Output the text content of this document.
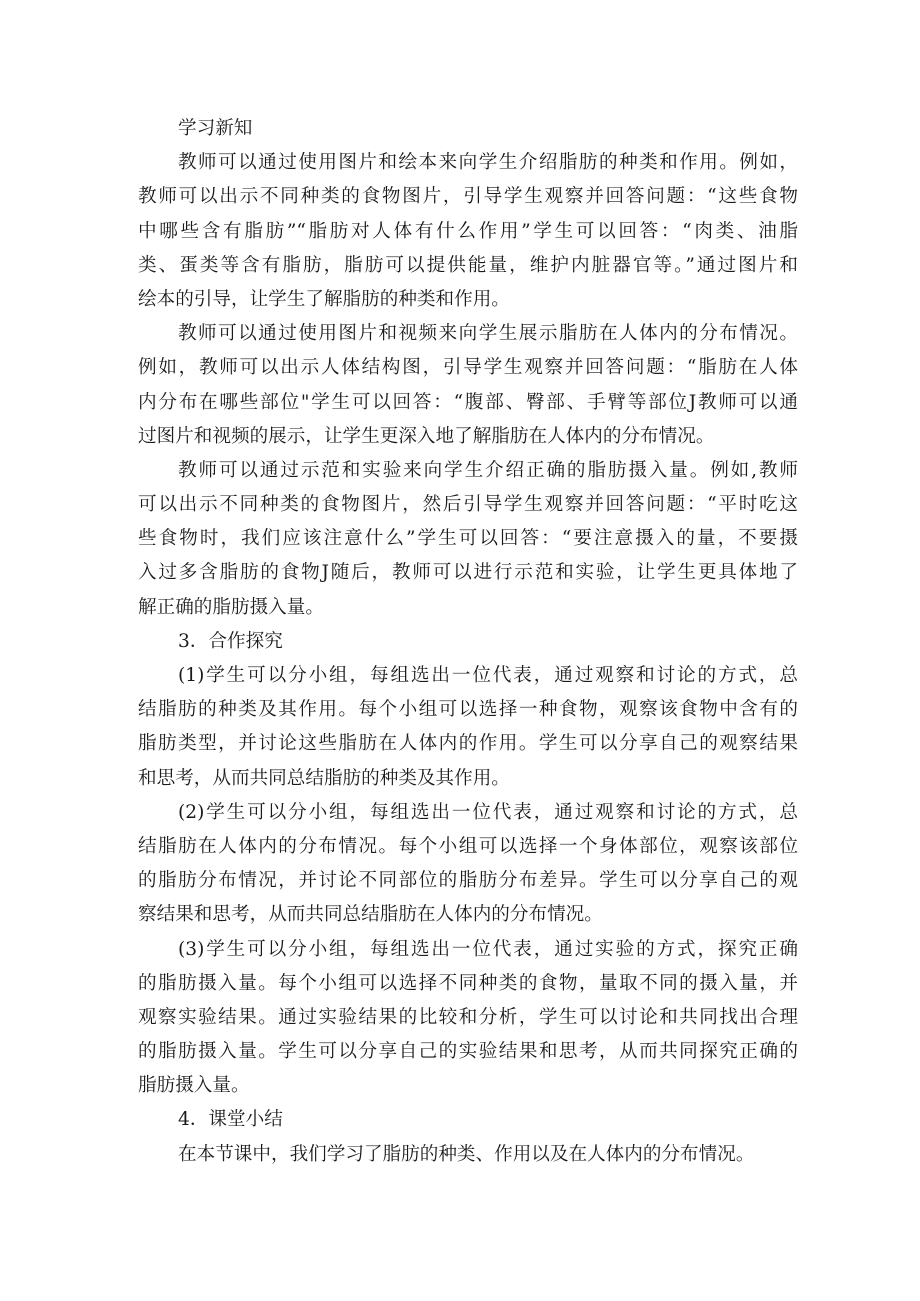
学习新知
教师可以通过使用图片和绘本来向学生介绍脂肪的种类和作用。例如，
教师可以出示不同种类的食物图片，引导学生观察并回答问题：“这些食物
中哪些含有脂肪”“脂肪对人体有什么作用”学生可以回答：“肉类、油脂
类、蛋类等含有脂肪，脂肪可以提供能量，维护内脏器官等。”通过图片和
绘本的引导，让学生了解脂肪的种类和作用。
教师可以通过使用图片和视频来向学生展示脂肪在人体内的分布情况。
例如，教师可以出示人体结构图，引导学生观察并回答问题：“脂肪在人体
内分布在哪些部位"学生可以回答：“腹部、臀部、手臂等部位J教师可以通
过图片和视频的展示，让学生更深入地了解脂肪在人体内的分布情况。
教师可以通过示范和实验来向学生介绍正确的脂肪摄入量。例如,教师
可以出示不同种类的食物图片，然后引导学生观察并回答问题：“平时吃这
些食物时，我们应该注意什么”学生可以回答：“要注意摄入的量，不要摄
入过多含脂肪的食物J随后，教师可以进行示范和实验，让学生更具体地了
解正确的脂肪摄入量。
3．合作探究
(1)学生可以分小组，每组选出一位代表，通过观察和讨论的方式，总
结脂肪的种类及其作用。每个小组可以选择一种食物，观察该食物中含有的
脂肪类型，并讨论这些脂肪在人体内的作用。学生可以分享自己的观察结果
和思考，从而共同总结脂肪的种类及其作用。
(2)学生可以分小组，每组选出一位代表，通过观察和讨论的方式，总
结脂肪在人体内的分布情况。每个小组可以选择一个身体部位，观察该部位
的脂肪分布情况，并讨论不同部位的脂肪分布差异。学生可以分享自己的观
察结果和思考，从而共同总结脂肪在人体内的分布情况。
(3)学生可以分小组，每组选出一位代表，通过实验的方式，探究正确
的脂肪摄入量。每个小组可以选择不同种类的食物，量取不同的摄入量，并
观察实验结果。通过实验结果的比较和分析，学生可以讨论和共同找出合理
的脂肪摄入量。学生可以分享自己的实验结果和思考，从而共同探究正确的
脂肪摄入量。
4．课堂小结
在本节课中，我们学习了脂肪的种类、作用以及在人体内的分布情况。
